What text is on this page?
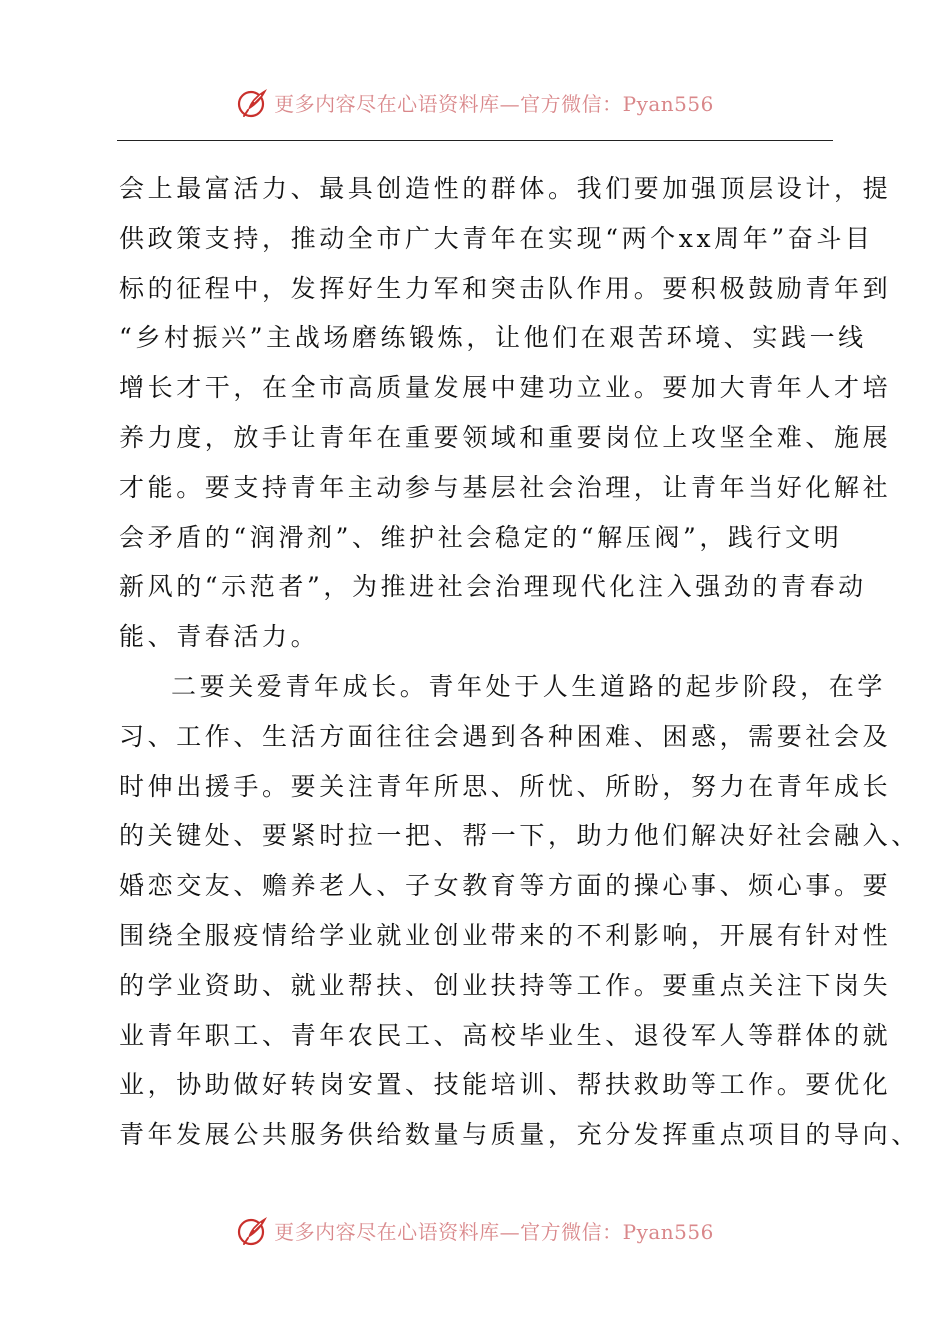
更多内容尽在心语资料库—官方微信：Pyan556
会上最富活力、最具创造性的群体。我们要加强顶层设计，提
供政策支持，推动全市广大青年在实现“两个xx周年”奋斗目
标的征程中，发挥好生力军和突击队作用。要积极鼓励青年到
“乡村振兴”主战场磨练锻炼，让他们在艰苦环境、实践一线
增长才干，在全市高质量发展中建功立业。要加大青年人才培
养力度，放手让青年在重要领域和重要岗位上攻坚全难、施展
才能。要支持青年主动参与基层社会治理，让青年当好化解社
会矛盾的“润滑剂”、维护社会稳定的“解压阀”，践行文明
新风的“示范者”，为推进社会治理现代化注入强劲的青春动
能、青春活力。
二要关爱青年成长。青年处于人生道路的起步阶段，在学
习、工作、生活方面往往会遇到各种困难、困惑，需要社会及
时伸出援手。要关注青年所思、所忧、所盼，努力在青年成长
的关键处、要紧时拉一把、帮一下，助力他们解决好社会融入、
婚恋交友、赡养老人、子女教育等方面的操心事、烦心事。要
围绕全服疫情给学业就业创业带来的不利影响，开展有针对性
的学业资助、就业帮扶、创业扶持等工作。要重点关注下岗失
业青年职工、青年农民工、高校毕业生、退役军人等群体的就
业，协助做好转岗安置、技能培训、帮扶救助等工作。要优化
青年发展公共服务供给数量与质量，充分发挥重点项目的导向、
更多内容尽在心语资料库—官方微信：Pyan556
